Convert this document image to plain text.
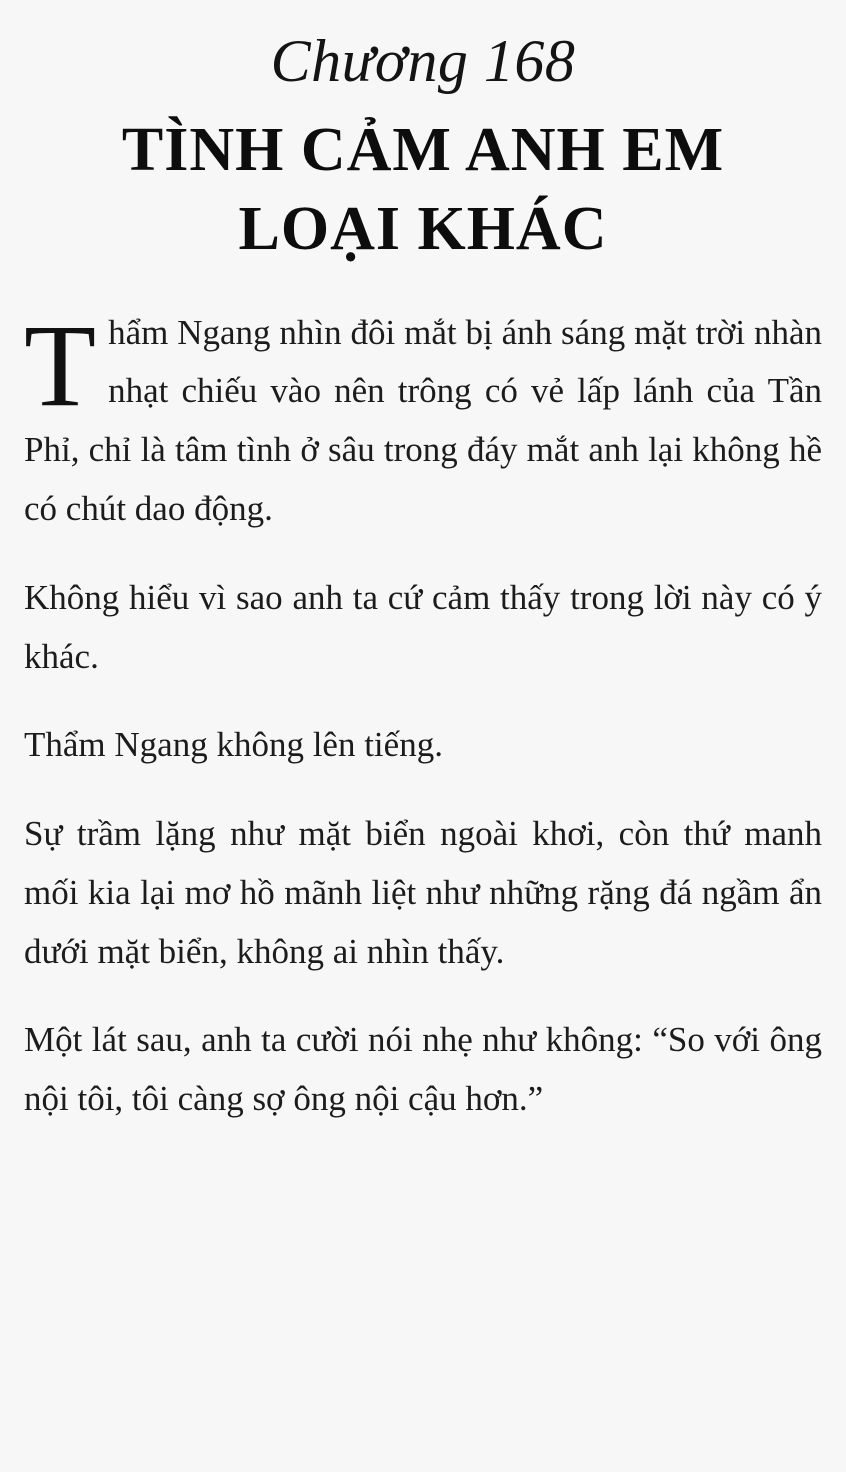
Chương 168
TÌNH CẢM ANH EM LOẠI KHÁC

Thẩm Ngang nhìn đôi mắt bị ánh sáng mặt trời nhàn nhạt chiếu vào nên trông có vẻ lấp lánh của Tần Phỉ, chỉ là tâm tình ở sâu trong đáy mắt anh lại không hề có chút dao động.

Không hiểu vì sao anh ta cứ cảm thấy trong lời này có ý khác.

Thẩm Ngang không lên tiếng.

Sự trầm lặng như mặt biển ngoài khơi, còn thứ manh mối kia lại mơ hồ mãnh liệt như những rặng đá ngầm ẩn dưới mặt biển, không ai nhìn thấy.

Một lát sau, anh ta cười nói nhẹ như không: “So với ông nội tôi, tôi càng sợ ông nội cậu hơn.”
